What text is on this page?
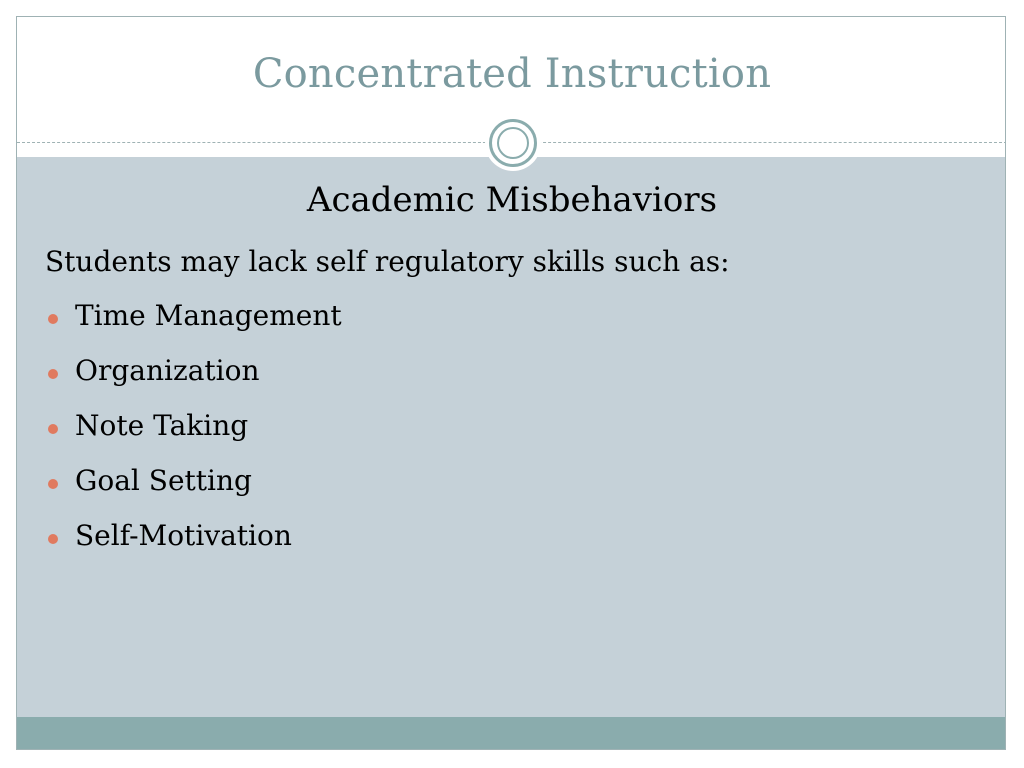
Concentrated Instruction
Academic Misbehaviors
Students may lack self regulatory skills such as:
Time Management
Organization
Note Taking
Goal Setting
Self-Motivation
